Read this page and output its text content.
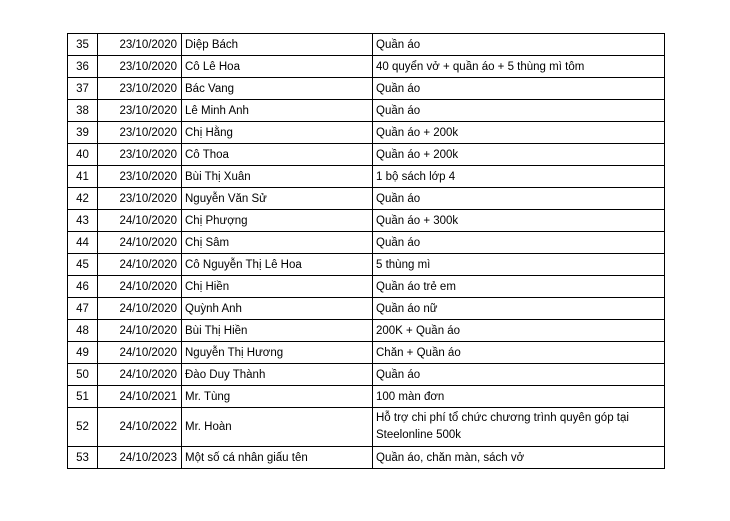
35	23/10/2020	Diệp Bách	Quần áo
36	23/10/2020	Cô Lê Hoa	40 quyển vở + quần áo + 5 thùng mì tôm
37	23/10/2020	Bác Vang	Quần áo
38	23/10/2020	Lê Minh Anh	Quần áo
39	23/10/2020	Chị Hằng	Quần áo + 200k
40	23/10/2020	Cô Thoa	Quần áo + 200k
41	23/10/2020	Bùi Thị Xuân	1 bộ sách lớp 4
42	23/10/2020	Nguyễn Văn Sử	Quần áo
43	24/10/2020	Chị Phượng	Quần áo + 300k
44	24/10/2020	Chị Sâm	Quần áo
45	24/10/2020	Cô Nguyễn Thị Lê Hoa	5 thùng mì
46	24/10/2020	Chị Hiền	Quần áo trẻ em
47	24/10/2020	Quỳnh Anh	Quần áo nữ
48	24/10/2020	Bùi Thị Hiền	200K + Quần áo
49	24/10/2020	Nguyễn Thị Hương	Chăn + Quần áo
50	24/10/2020	Đào Duy Thành	Quần áo
51	24/10/2021	Mr. Tùng	100 màn đơn
52	24/10/2022	Mr. Hoàn	Hỗ trợ chi phí tổ chức chương trình quyên góp tại Steelonline 500k
53	24/10/2023	Một số cá nhân giấu tên	Quần áo, chăn màn, sách vở
